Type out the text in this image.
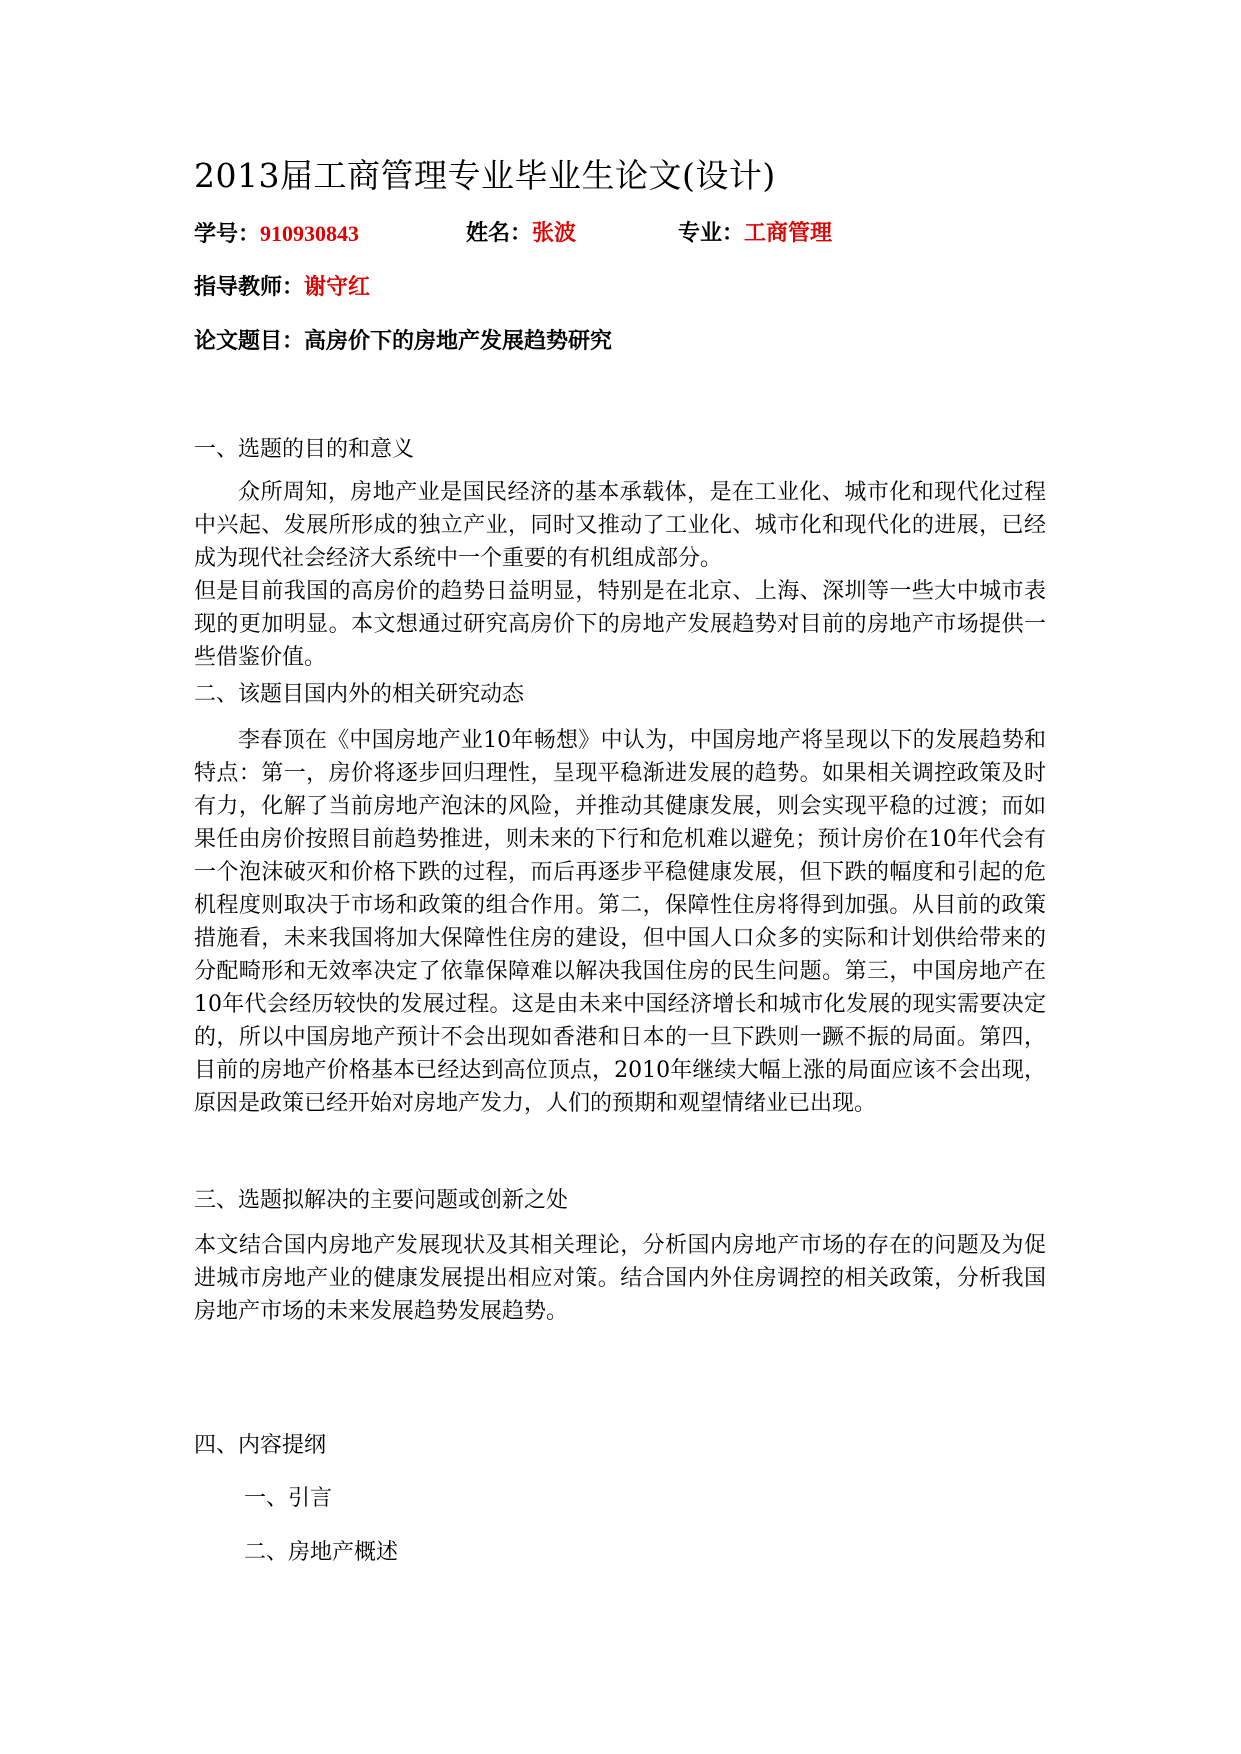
2013届工商管理专业毕业生论文(设计)
学号：910930843	姓名：张波	专业：工商管理
指导教师：谢守红
论文题目：高房价下的房地产发展趋势研究
一、选题的目的和意义
众所周知，房地产业是国民经济的基本承载体，是在工业化、城市化和现代化过程中兴起、发展所形成的独立产业，同时又推动了工业化、城市化和现代化的进展，已经成为现代社会经济大系统中一个重要的有机组成部分。
但是目前我国的高房价的趋势日益明显，特别是在北京、上海、深圳等一些大中城市表现的更加明显。本文想通过研究高房价下的房地产发展趋势对目前的房地产市场提供一些借鉴价值。
二、该题目国内外的相关研究动态
李春顶在《中国房地产业10年畅想》中认为，中国房地产将呈现以下的发展趋势和特点：第一，房价将逐步回归理性，呈现平稳渐进发展的趋势。如果相关调控政策及时有力，化解了当前房地产泡沫的风险，并推动其健康发展，则会实现平稳的过渡；而如果任由房价按照目前趋势推进，则未来的下行和危机难以避免；预计房价在10年代会有一个泡沫破灭和价格下跌的过程，而后再逐步平稳健康发展，但下跌的幅度和引起的危机程度则取决于市场和政策的组合作用。第二，保障性住房将得到加强。从目前的政策措施看，未来我国将加大保障性住房的建设，但中国人口众多的实际和计划供给带来的分配畸形和无效率决定了依靠保障难以解决我国住房的民生问题。第三，中国房地产在10年代会经历较快的发展过程。这是由未来中国经济增长和城市化发展的现实需要决定的，所以中国房地产预计不会出现如香港和日本的一旦下跌则一蹶不振的局面。第四，目前的房地产价格基本已经达到高位顶点，2010年继续大幅上涨的局面应该不会出现，原因是政策已经开始对房地产发力，人们的预期和观望情绪业已出现。
三、选题拟解决的主要问题或创新之处
本文结合国内房地产发展现状及其相关理论，分析国内房地产市场的存在的问题及为促进城市房地产业的健康发展提出相应对策。结合国内外住房调控的相关政策，分析我国房地产市场的未来发展趋势发展趋势。
四、内容提纲
一、引言
二、房地产概述
